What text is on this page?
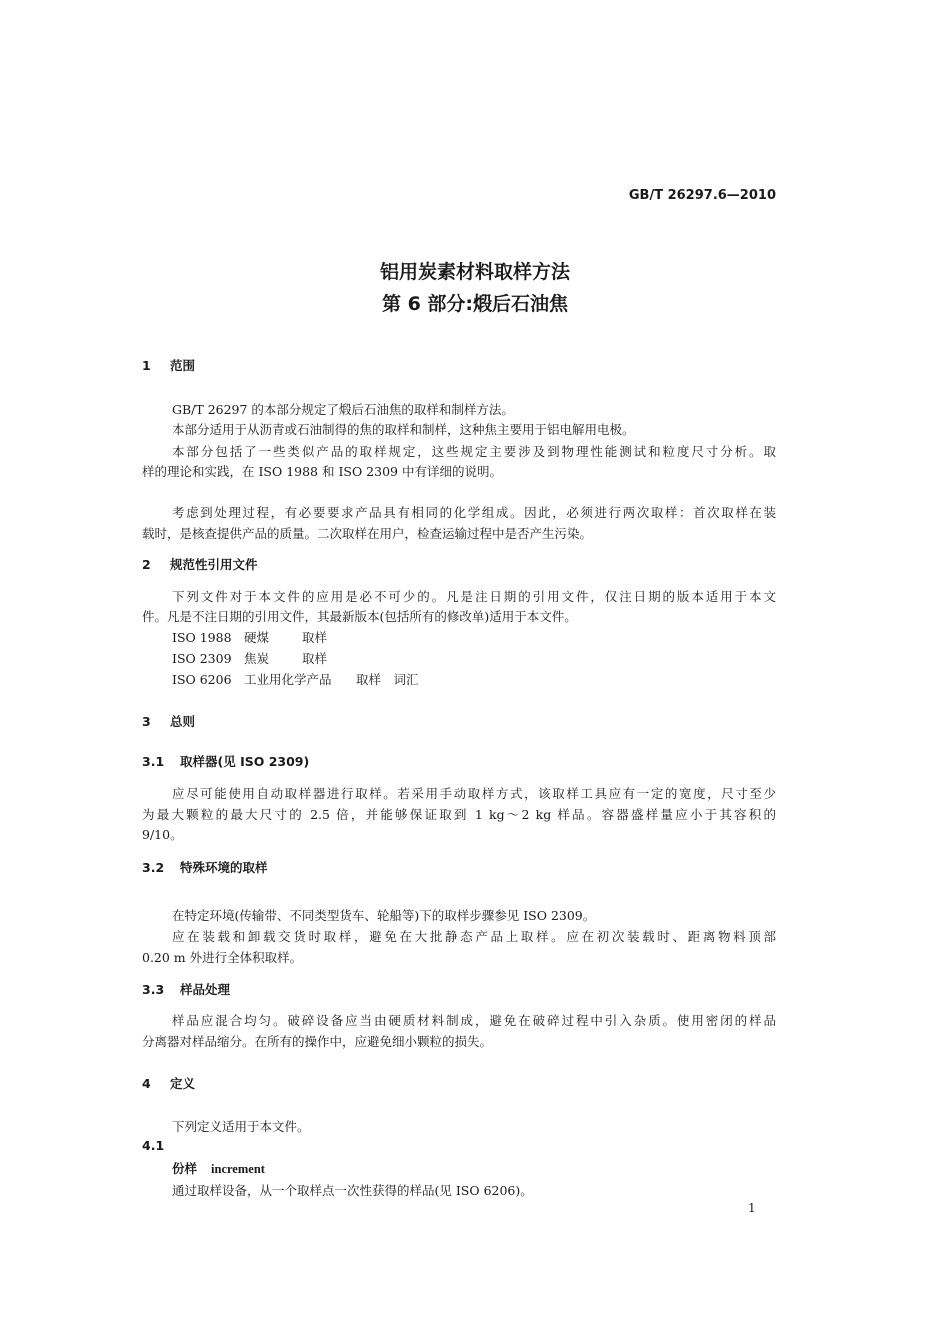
GB/T 26297.6—2010
铝用炭素材料取样方法
第 6 部分:煅后石油焦
1 范围
GB/T 26297 的本部分规定了煅后石油焦的取样和制样方法。
本部分适用于从沥青或石油制得的焦的取样和制样，这种焦主要用于铝电解用电极。
本部分包括了一些类似产品的取样规定，这些规定主要涉及到物理性能测试和粒度尺寸分析。取
样的理论和实践，在 ISO 1988 和 ISO 2309 中有详细的说明。
考虑到处理过程，有必要要求产品具有相同的化学组成。因此，必须进行两次取样：首次取样在装
载时，是核查提供产品的质量。二次取样在用户，检查运输过程中是否产生污染。
2 规范性引用文件
下列文件对于本文件的应用是必不可少的。凡是注日期的引用文件，仅注日期的版本适用于本文
件。凡是不注日期的引用文件，其最新版本(包括所有的修改单)适用于本文件。
ISO 1988 硬煤	取样
ISO 2309 焦炭	取样
ISO 6206 工业用化学产品 取样　词汇
3 总则
3.1 取样器(见 ISO 2309)
应尽可能使用自动取样器进行取样。若采用手动取样方式，该取样工具应有一定的宽度，尺寸至少
为最大颗粒的最大尺寸的 2.5 倍，并能够保证取到 1 kg～2 kg 样品。容器盛样量应小于其容积的
9/10。
3.2 特殊环境的取样
在特定环境(传输带、不同类型货车、轮船等)下的取样步骤参见 ISO 2309。
应在装载和卸载交货时取样，避免在大批静态产品上取样。应在初次装载时、距离物料顶部
0.20 m 外进行全体积取样。
3.3 样品处理
样品应混合均匀。破碎设备应当由硬质材料制成，避免在破碎过程中引入杂质。使用密闭的样品
分离器对样品缩分。在所有的操作中，应避免细小颗粒的损失。
4 定义
下列定义适用于本文件。
4.1
份样 increment
通过取样设备，从一个取样点一次性获得的样品(见 ISO 6206)。
1
